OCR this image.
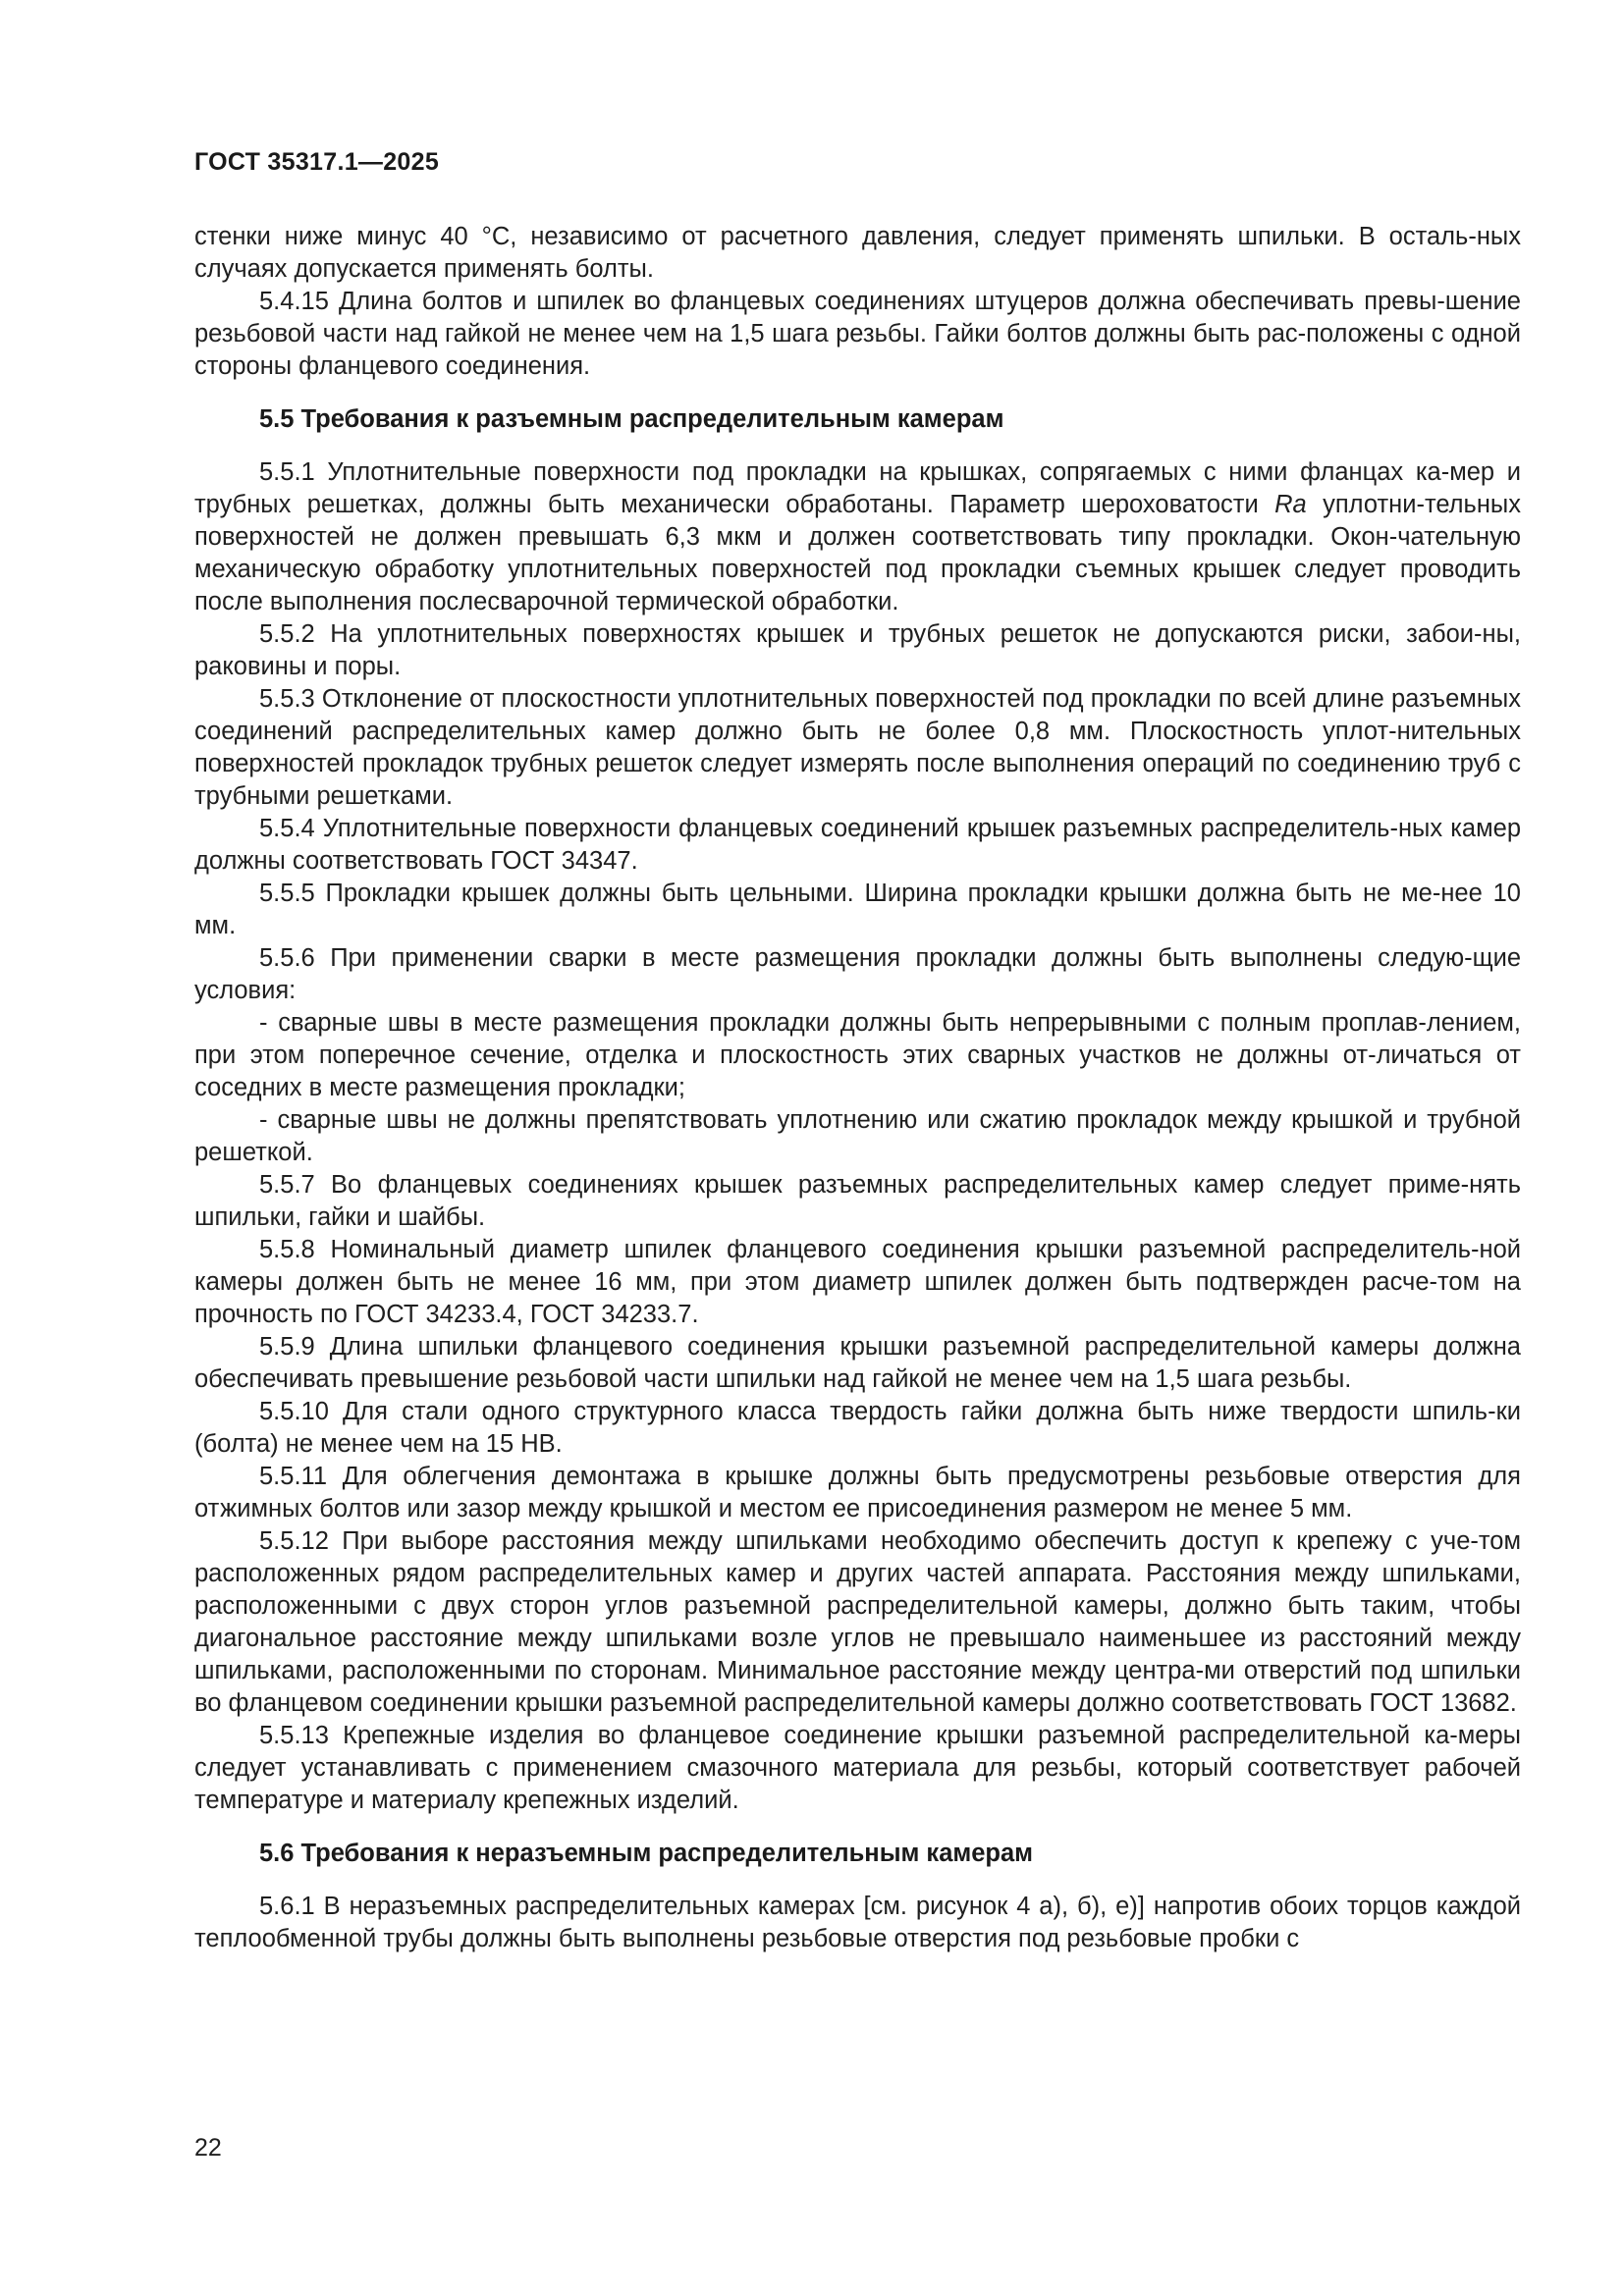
ГОСТ 35317.1—2025

стенки ниже минус 40 °С, независимо от расчетного давления, следует применять шпильки. В осталь-ных случаях допускается применять болты.

5.4.15 Длина болтов и шпилек во фланцевых соединениях штуцеров должна обеспечивать превы-шение резьбовой части над гайкой не менее чем на 1,5 шага резьбы. Гайки болтов должны быть рас-положены с одной стороны фланцевого соединения.

5.5 Требования к разъемным распределительным камерам

5.5.1 Уплотнительные поверхности под прокладки на крышках, сопрягаемых с ними фланцах ка-мер и трубных решетках, должны быть механически обработаны. Параметр шероховатости Ra уплотни-тельных поверхностей не должен превышать 6,3 мкм и должен соответствовать типу прокладки. Окон-чательную механическую обработку уплотнительных поверхностей под прокладки съемных крышек следует проводить после выполнения послесварочной термической обработки.

5.5.2 На уплотнительных поверхностях крышек и трубных решеток не допускаются риски, забои-ны, раковины и поры.

5.5.3 Отклонение от плоскостности уплотнительных поверхностей под прокладки по всей длине разъемных соединений распределительных камер должно быть не более 0,8 мм. Плоскостность уплот-нительных поверхностей прокладок трубных решеток следует измерять после выполнения операций по соединению труб с трубными решетками.

5.5.4 Уплотнительные поверхности фланцевых соединений крышек разъемных распределитель-ных камер должны соответствовать ГОСТ 34347.

5.5.5 Прокладки крышек должны быть цельными. Ширина прокладки крышки должна быть не ме-нее 10 мм.

5.5.6 При применении сварки в месте размещения прокладки должны быть выполнены следую-щие условия:

- сварные швы в месте размещения прокладки должны быть непрерывными с полным проплав-лением, при этом поперечное сечение, отделка и плоскостность этих сварных участков не должны от-личаться от соседних в месте размещения прокладки;

- сварные швы не должны препятствовать уплотнению или сжатию прокладок между крышкой и трубной решеткой.

5.5.7 Во фланцевых соединениях крышек разъемных распределительных камер следует приме-нять шпильки, гайки и шайбы.

5.5.8 Номинальный диаметр шпилек фланцевого соединения крышки разъемной распределитель-ной камеры должен быть не менее 16 мм, при этом диаметр шпилек должен быть подтвержден расче-том на прочность по ГОСТ 34233.4, ГОСТ 34233.7.

5.5.9 Длина шпильки фланцевого соединения крышки разъемной распределительной камеры должна обеспечивать превышение резьбовой части шпильки над гайкой не менее чем на 1,5 шага резьбы.

5.5.10 Для стали одного структурного класса твердость гайки должна быть ниже твердости шпиль-ки (болта) не менее чем на 15 НВ.

5.5.11 Для облегчения демонтажа в крышке должны быть предусмотрены резьбовые отверстия для отжимных болтов или зазор между крышкой и местом ее присоединения размером не менее 5 мм.

5.5.12 При выборе расстояния между шпильками необходимо обеспечить доступ к крепежу с уче-том расположенных рядом распределительных камер и других частей аппарата. Расстояния между шпильками, расположенными с двух сторон углов разъемной распределительной камеры, должно быть таким, чтобы диагональное расстояние между шпильками возле углов не превышало наименьшее из расстояний между шпильками, расположенными по сторонам. Минимальное расстояние между центра-ми отверстий под шпильки во фланцевом соединении крышки разъемной распределительной камеры должно соответствовать ГОСТ 13682.

5.5.13 Крепежные изделия во фланцевое соединение крышки разъемной распределительной ка-меры следует устанавливать с применением смазочного материала для резьбы, который соответствует рабочей температуре и материалу крепежных изделий.

5.6 Требования к неразъемным распределительным камерам

5.6.1 В неразъемных распределительных камерах [см. рисунок 4 а), б), е)] напротив обоих торцов каждой теплообменной трубы должны быть выполнены резьбовые отверстия под резьбовые пробки с

22
